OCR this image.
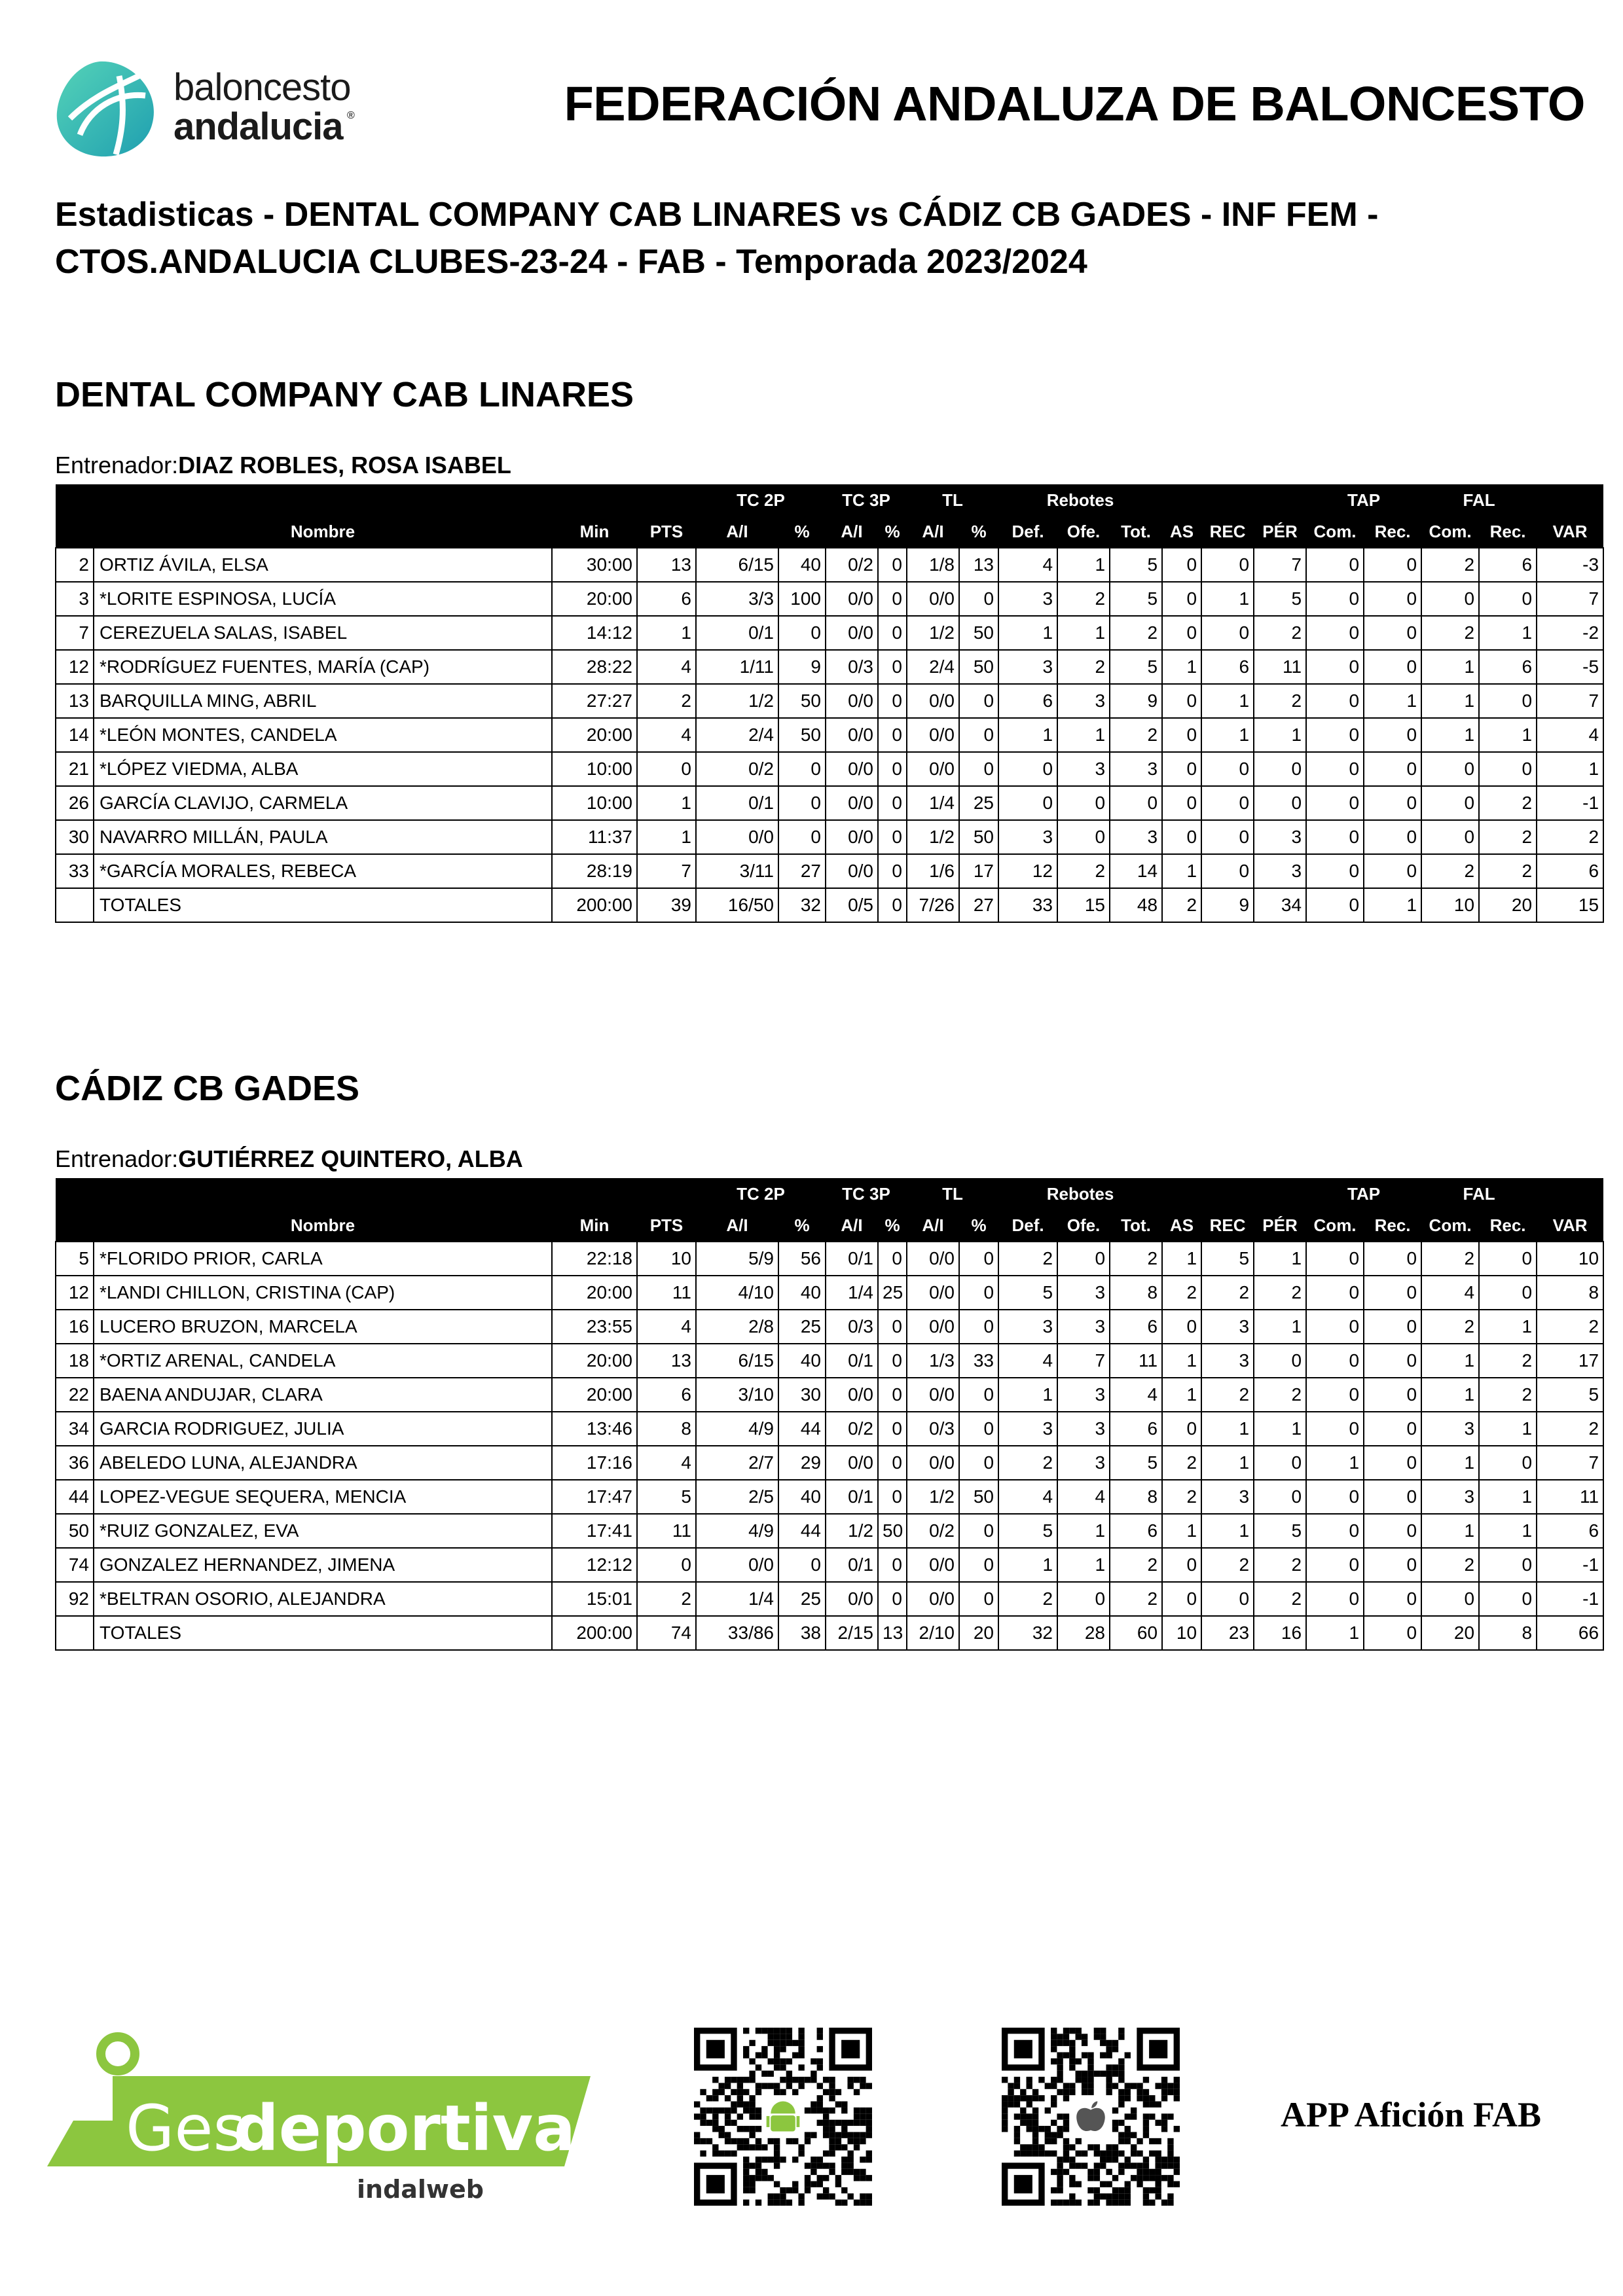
baloncesto
andalucia ®	FEDERACIÓN ANDALUZA DE BALONCESTO
Estadisticas - DENTAL COMPANY CAB LINARES vs CÁDIZ CB GADES - INF FEM - CTOS.ANDALUCIA CLUBES-23-24 - FAB - Temporada 2023/2024
DENTAL COMPANY CAB LINARES
Entrenador:DIAZ ROBLES, ROSA ISABEL
				TC 2P		TC 3P		TL		Rebotes						TAP		FAL		
	Nombre	Min	PTS	A/I	%	A/I	%	A/I	%	Def.	Ofe.	Tot.	AS	REC	PÉR	Com.	Rec.	Com.	Rec.	VAR
2	ORTIZ ÁVILA, ELSA	30:00	13	6/15	40	0/2	0	1/8	13	4	1	5	0	0	7	0	0	2	6	-3
3	*LORITE ESPINOSA, LUCÍA	20:00	6	3/3	100	0/0	0	0/0	0	3	2	5	0	1	5	0	0	0	0	7
7	CEREZUELA SALAS, ISABEL	14:12	1	0/1	0	0/0	0	1/2	50	1	1	2	0	0	2	0	0	2	1	-2
12	*RODRÍGUEZ FUENTES, MARÍA (CAP)	28:22	4	1/11	9	0/3	0	2/4	50	3	2	5	1	6	11	0	0	1	6	-5
13	BARQUILLA MING, ABRIL	27:27	2	1/2	50	0/0	0	0/0	0	6	3	9	0	1	2	0	1	1	0	7
14	*LEÓN MONTES, CANDELA	20:00	4	2/4	50	0/0	0	0/0	0	1	1	2	0	1	1	0	0	1	1	4
21	*LÓPEZ VIEDMA, ALBA	10:00	0	0/2	0	0/0	0	0/0	0	0	3	3	0	0	0	0	0	0	0	1
26	GARCÍA CLAVIJO, CARMELA	10:00	1	0/1	0	0/0	0	1/4	25	0	0	0	0	0	0	0	0	0	2	-1
30	NAVARRO MILLÁN, PAULA	11:37	1	0/0	0	0/0	0	1/2	50	3	0	3	0	0	3	0	0	0	2	2
33	*GARCÍA MORALES, REBECA	28:19	7	3/11	27	0/0	0	1/6	17	12	2	14	1	0	3	0	0	2	2	6
	TOTALES	200:00	39	16/50	32	0/5	0	7/26	27	33	15	48	2	9	34	0	1	10	20	15
CÁDIZ CB GADES
Entrenador:GUTIÉRREZ QUINTERO, ALBA
				TC 2P		TC 3P		TL		Rebotes						TAP		FAL		
	Nombre	Min	PTS	A/I	%	A/I	%	A/I	%	Def.	Ofe.	Tot.	AS	REC	PÉR	Com.	Rec.	Com.	Rec.	VAR
5	*FLORIDO PRIOR, CARLA	22:18	10	5/9	56	0/1	0	0/0	0	2	0	2	1	5	1	0	0	2	0	10
12	*LANDI CHILLON, CRISTINA (CAP)	20:00	11	4/10	40	1/4	25	0/0	0	5	3	8	2	2	2	0	0	4	0	8
16	LUCERO BRUZON, MARCELA	23:55	4	2/8	25	0/3	0	0/0	0	3	3	6	0	3	1	0	0	2	1	2
18	*ORTIZ ARENAL, CANDELA	20:00	13	6/15	40	0/1	0	1/3	33	4	7	11	1	3	0	0	0	1	2	17
22	BAENA ANDUJAR, CLARA	20:00	6	3/10	30	0/0	0	0/0	0	1	3	4	1	2	2	0	0	1	2	5
34	GARCIA RODRIGUEZ, JULIA	13:46	8	4/9	44	0/2	0	0/3	0	3	3	6	0	1	1	0	0	3	1	2
36	ABELEDO LUNA, ALEJANDRA	17:16	4	2/7	29	0/0	0	0/0	0	2	3	5	2	1	0	1	0	1	0	7
44	LOPEZ-VEGUE SEQUERA, MENCIA	17:47	5	2/5	40	0/1	0	1/2	50	4	4	8	2	3	0	0	0	3	1	11
50	*RUIZ GONZALEZ, EVA	17:41	11	4/9	44	1/2	50	0/2	0	5	1	6	1	1	5	0	0	1	1	6
74	GONZALEZ HERNANDEZ, JIMENA	12:12	0	0/0	0	0/1	0	0/0	0	1	1	2	0	2	2	0	0	2	0	-1
92	*BELTRAN OSORIO, ALEJANDRA	15:01	2	1/4	25	0/0	0	0/0	0	2	0	2	0	0	2	0	0	0	0	-1
	TOTALES	200:00	74	33/86	38	2/15	13	2/10	20	32	28	60	10	23	16	1	0	20	8	66
Ges
deportiva
indalweb
APP Afición FAB
